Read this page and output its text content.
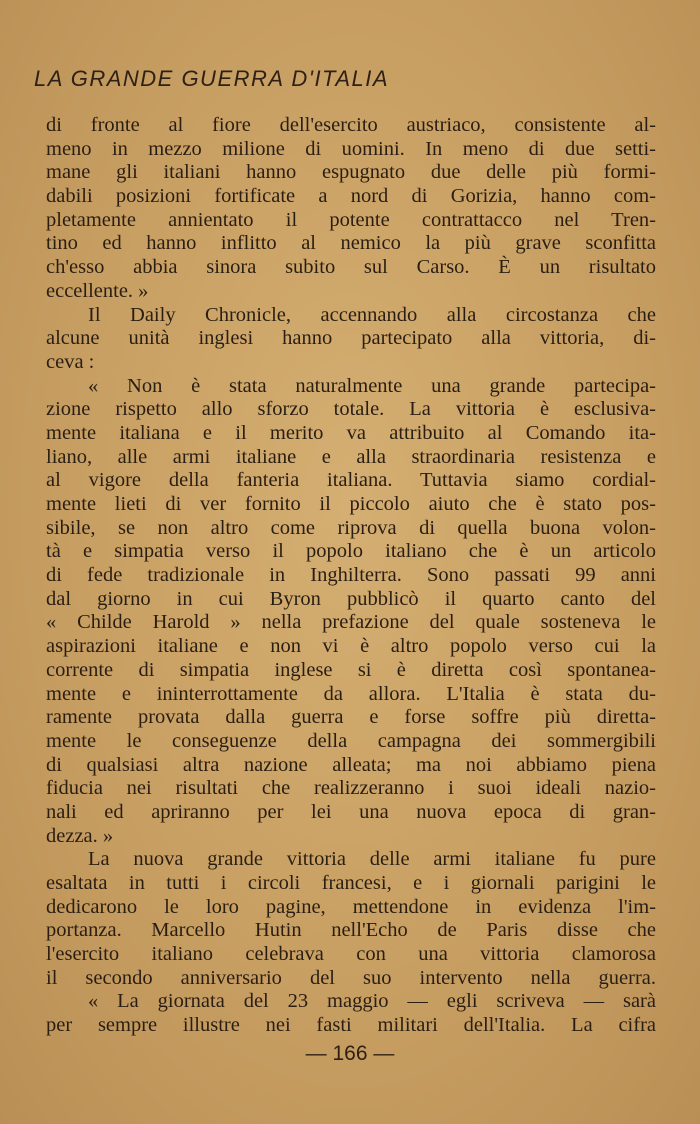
LA GRANDE GUERRA D'ITALIA
di fronte al fiore dell'esercito austriaco, consistente al-
meno in mezzo milione di uomini. In meno di due setti-
mane gli italiani hanno espugnato due delle più formi-
dabili posizioni fortificate a nord di Gorizia, hanno com-
pletamente annientato il potente contrattacco nel Tren-
tino ed hanno inflitto al nemico la più grave sconfitta
ch'esso abbia sinora subito sul Carso. È un risultato
eccellente. »
Il Daily Chronicle, accennando alla circostanza che
alcune unità inglesi hanno partecipato alla vittoria, di-
ceva :
« Non è stata naturalmente una grande partecipa-
zione rispetto allo sforzo totale. La vittoria è esclusiva-
mente italiana e il merito va attribuito al Comando ita-
liano, alle armi italiane e alla straordinaria resistenza e
al vigore della fanteria italiana. Tuttavia siamo cordial-
mente lieti di ver fornito il piccolo aiuto che è stato pos-
sibile, se non altro come riprova di quella buona volon-
tà e simpatia verso il popolo italiano che è un articolo
di fede tradizionale in Inghilterra. Sono passati 99 anni
dal giorno in cui Byron pubblicò il quarto canto del
« Childe Harold » nella prefazione del quale sosteneva le
aspirazioni italiane e non vi è altro popolo verso cui la
corrente di simpatia inglese si è diretta così spontanea-
mente e ininterrottamente da allora. L'Italia è stata du-
ramente provata dalla guerra e forse soffre più diretta-
mente le conseguenze della campagna dei sommergibili
di qualsiasi altra nazione alleata; ma noi abbiamo piena
fiducia nei risultati che realizzeranno i suoi ideali nazio-
nali ed apriranno per lei una nuova epoca di gran-
dezza. »
La nuova grande vittoria delle armi italiane fu pure
esaltata in tutti i circoli francesi, e i giornali parigini le
dedicarono le loro pagine, mettendone in evidenza l'im-
portanza. Marcello Hutin nell'Echo de Paris disse che
l'esercito italiano celebrava con una vittoria clamorosa
il secondo anniversario del suo intervento nella guerra.
« La giornata del 23 maggio — egli scriveva — sarà
per sempre illustre nei fasti militari dell'Italia. La cifra
— 166 —
